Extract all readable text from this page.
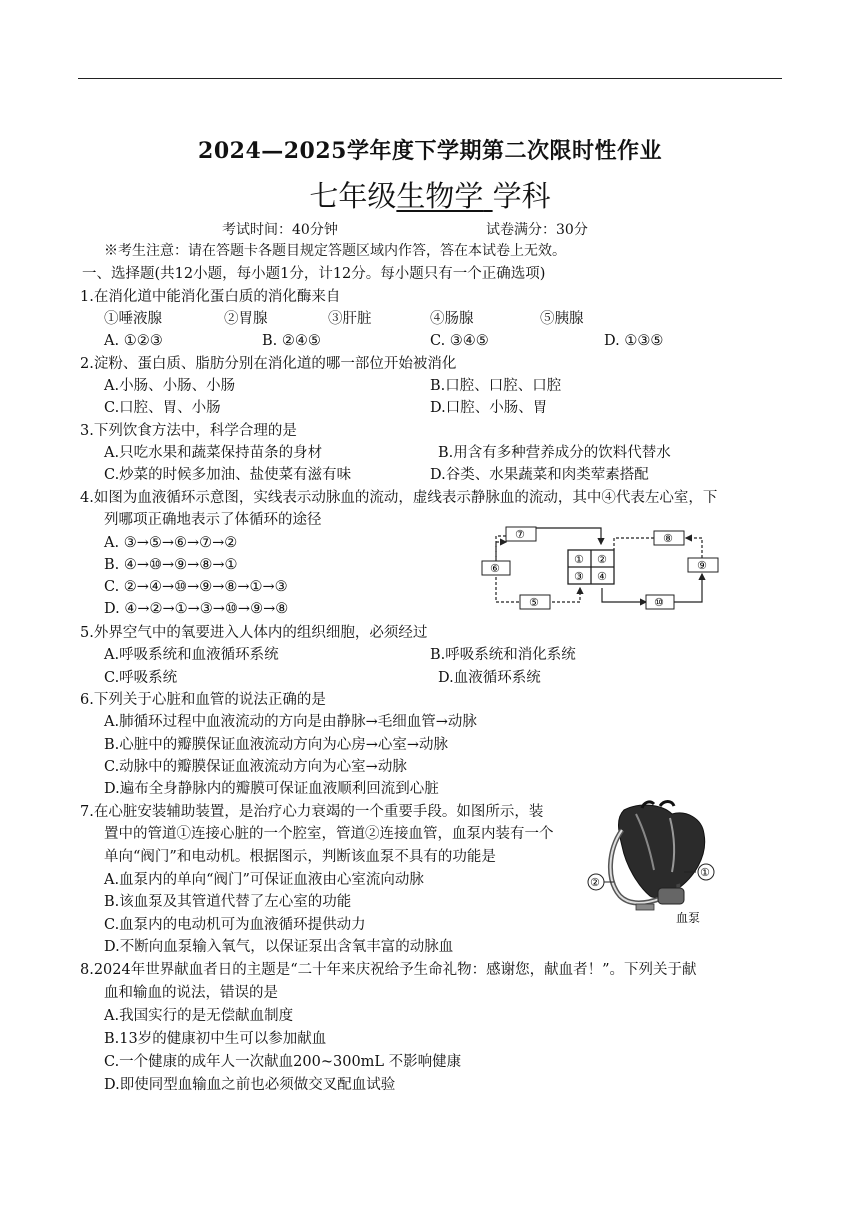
2024—2025学年度下学期第二次限时性作业
七年级生物学 学科
考试时间：40分钟	试卷满分：30分
※考生注意：请在答题卡各题目规定答题区域内作答，答在本试卷上无效。
一、选择题(共12小题，每小题1分，计12分。每小题只有一个正确选项)
1.在消化道中能消化蛋白质的消化酶来自
①唾液腺	②胃腺	③肝脏	④肠腺	⑤胰腺
A. ①②③	B. ②④⑤	C. ③④⑤	D. ①③⑤
2.淀粉、蛋白质、脂肪分别在消化道的哪一部位开始被消化
A.小肠、小肠、小肠	B.口腔、口腔、口腔
C.口腔、胃、小肠	D.口腔、小肠、胃
3.下列饮食方法中，科学合理的是
A.只吃水果和蔬菜保持苗条的身材	B.用含有多种营养成分的饮料代替水
C.炒菜的时候多加油、盐使菜有滋有味	D.谷类、水果蔬菜和肉类荤素搭配
4.如图为血液循环示意图，实线表示动脉血的流动，虚线表示静脉血的流动，其中④代表左心室，下
列哪项正确地表示了体循环的途径
A. ③→⑤→⑥→⑦→②
B. ④→⑩→⑨→⑧→①
C. ②→④→⑩→⑨→⑧→①→③
D. ④→②→①→③→⑩→⑨→⑧
① ②
③ ④
⑤
⑥
⑦	⑧
⑨
⑩
5.外界空气中的氧要进入人体内的组织细胞，必须经过
A.呼吸系统和血液循环系统	B.呼吸系统和消化系统
C.呼吸系统	D.血液循环系统
6.下列关于心脏和血管的说法正确的是
A.肺循环过程中血液流动的方向是由静脉→毛细血管→动脉
B.心脏中的瓣膜保证血液流动方向为心房→心室→动脉
C.动脉中的瓣膜保证血液流动方向为心室→动脉
D.遍布全身静脉内的瓣膜可保证血液顺利回流到心脏
7.在心脏安装辅助装置，是治疗心力衰竭的一个重要手段。如图所示，装
置中的管道①连接心脏的一个腔室，管道②连接血管，血泵内装有一个
单向“阀门”和电动机。根据图示，判断该血泵不具有的功能是
A.血泵内的单向“阀门”可保证血液由心室流向动脉
B.该血泵及其管道代替了左心室的功能
C.血泵内的电动机可为血液循环提供动力
D.不断向血泵输入氧气，以保证泵出含氧丰富的动脉血
①
②
血泵
8.2024年世界献血者日的主题是“二十年来庆祝给予生命礼物：感谢您，献血者！”。下列关于献
血和输血的说法，错误的是
A.我国实行的是无偿献血制度
B.13岁的健康初中生可以参加献血
C.一个健康的成年人一次献血200~300mL 不影响健康
D.即使同型血输血之前也必须做交叉配血试验
